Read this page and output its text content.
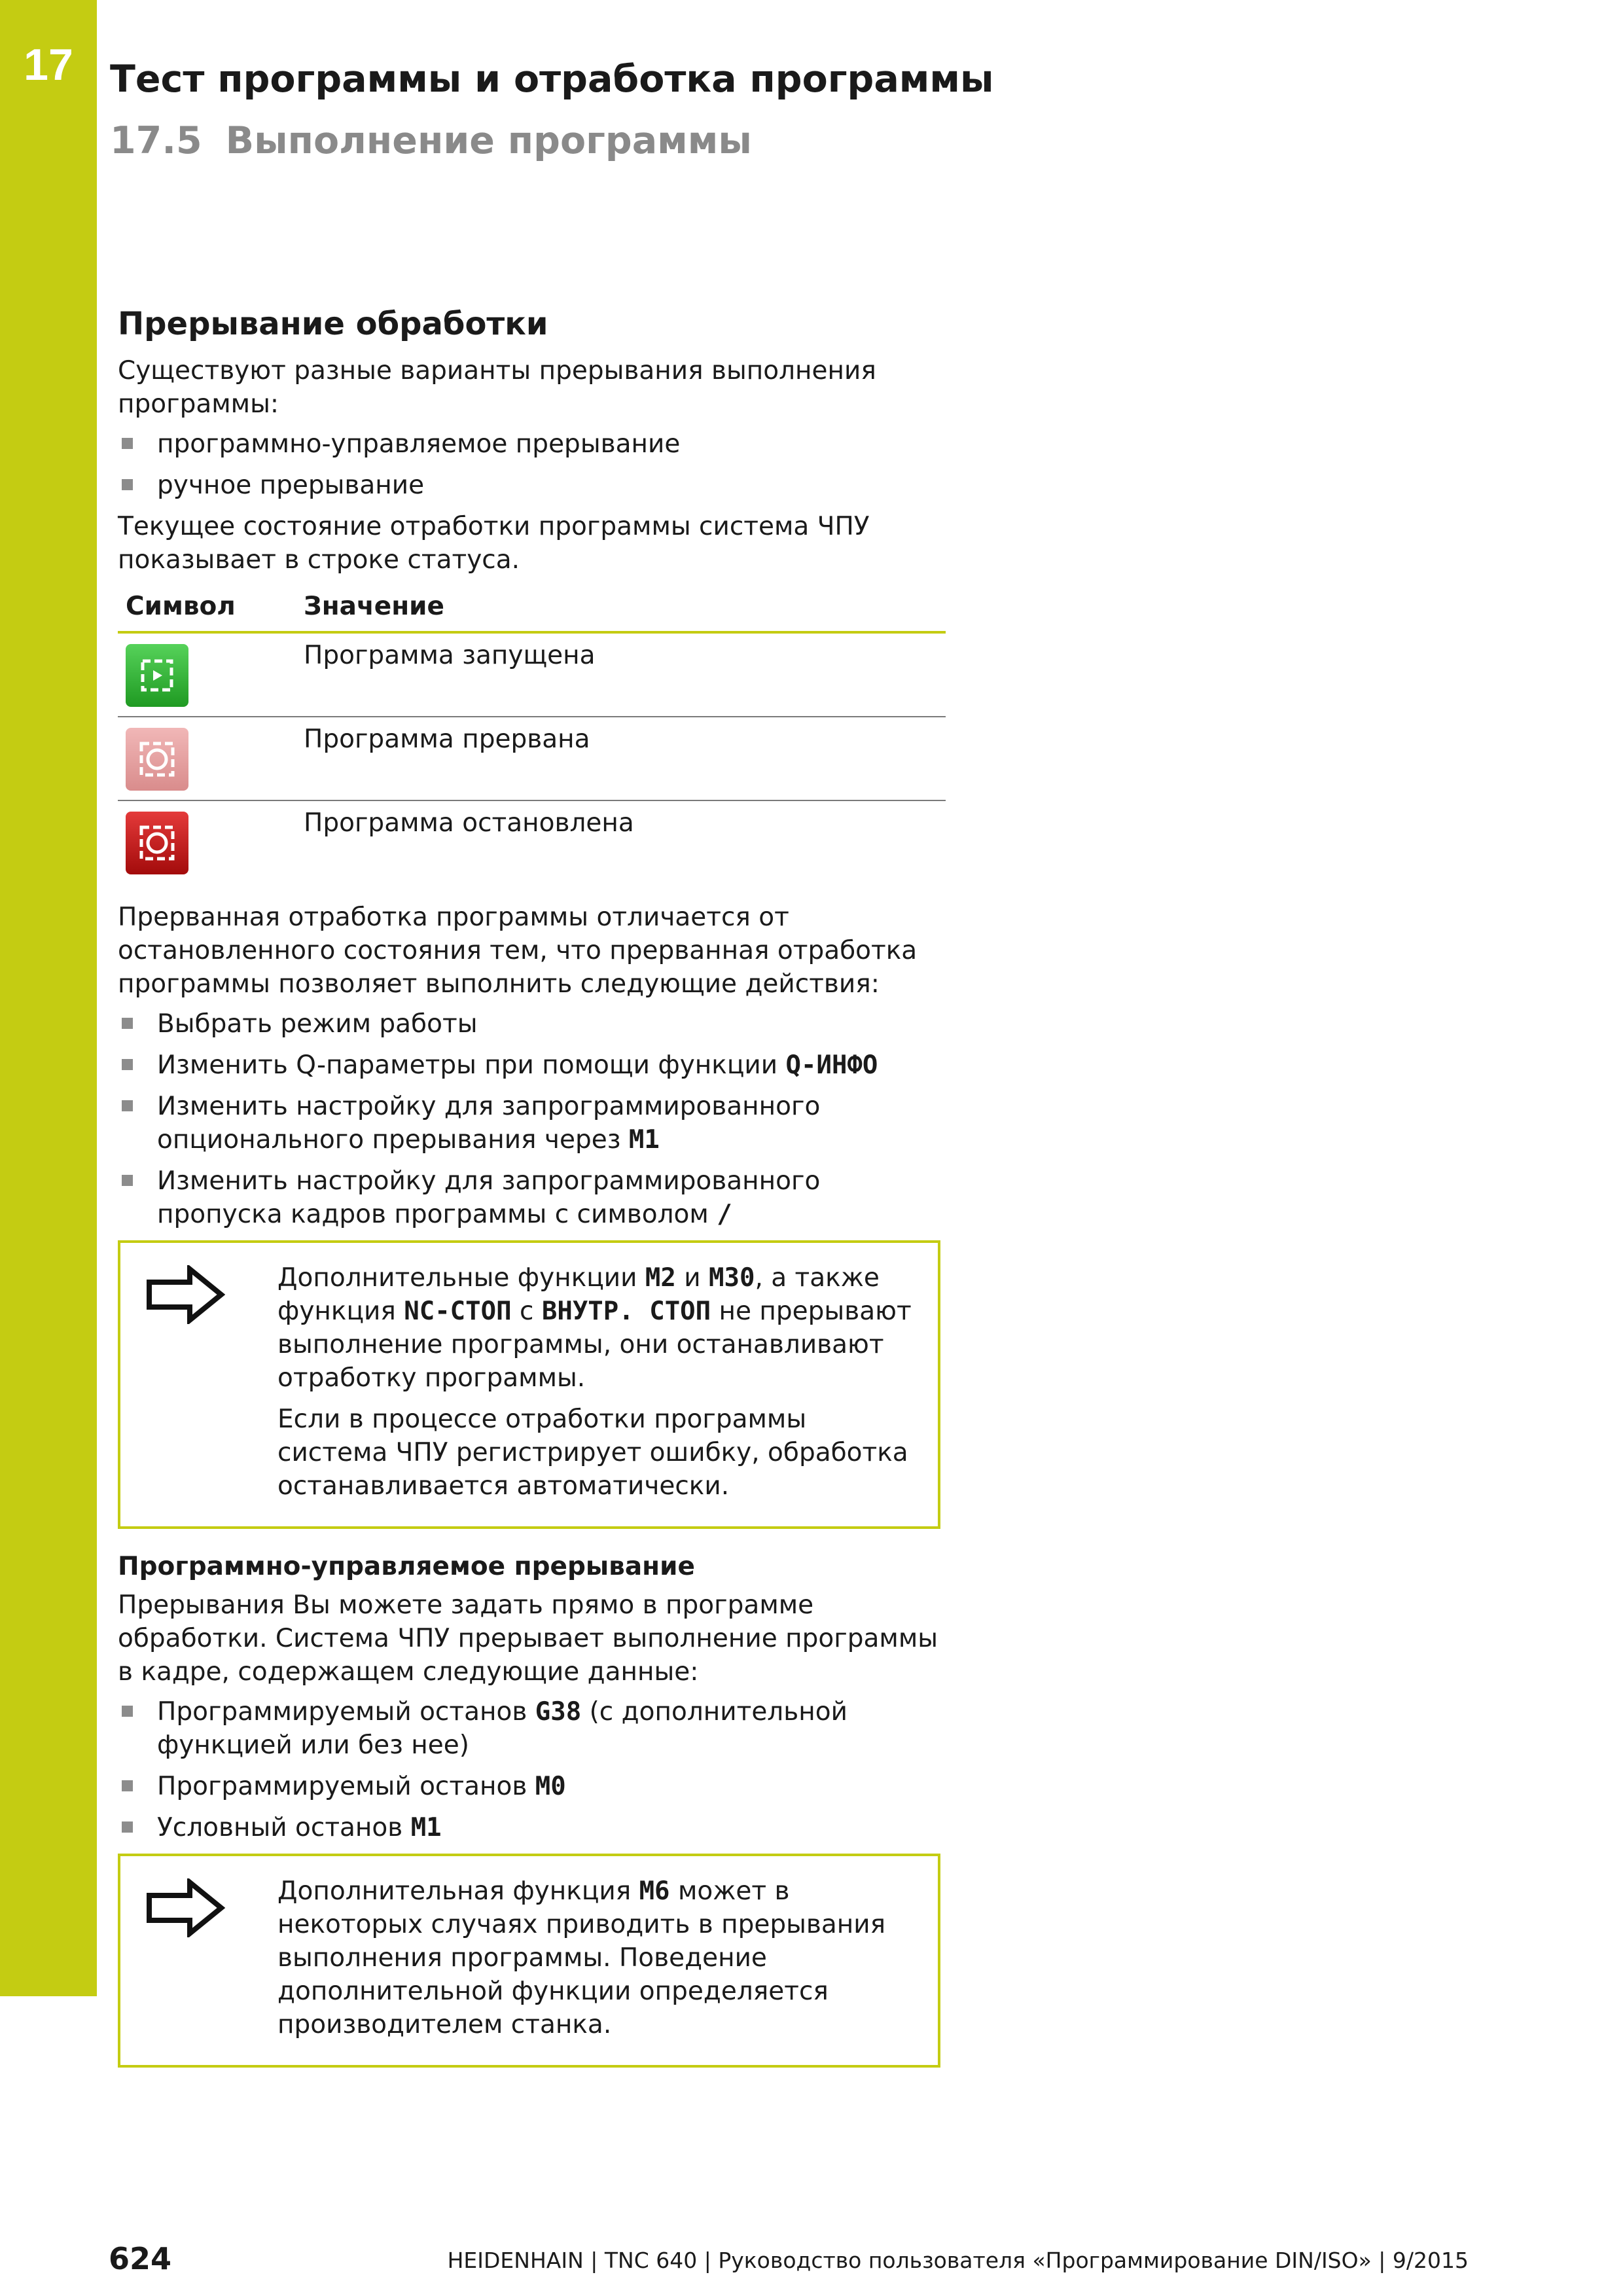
17 Тест программы и отработка программы
17.5 Выполнение программы
Прерывание обработки

Существуют разные варианты прерывания выполнения программы:

программно-управляемое прерывание
ручное прерывание

Текущее состояние отработки программы система ЧПУ показывает в строке статуса.

Символ	Значение

	Программа запущена

	Программа прервана

	Программа остановлена

Прерванная отработка программы отличается от остановленного состояния тем, что прерванная отработка программы позволяет выполнить следующие действия:

Выбрать режим работы
Изменить Q-параметры при помощи функции Q-ИНФО
Изменить настройку для запрограммированного опционального прерывания через M1
Изменить настройку для запрограммированного пропуска кадров программы с символом /

Дополнительные функции M2 и M30, а также функция NC-СТОП с ВНУТР. СТОП не прерывают выполнение программы, они останавливают отработку программы.

Если в процессе отработки программы система ЧПУ регистрирует ошибку, обработка останавливается автоматически.

Программно-управляемое прерывание

Прерывания Вы можете задать прямо в программе обработки. Система ЧПУ прерывает выполнение программы в кадре, содержащем следующие данные:

Программируемый останов G38 (с дополнительной функцией или без нее)
Программируемый останов M0
Условный останов M1

Дополнительная функция M6 может в некоторых случаях приводить в прерывания выполнения программы. Поведение дополнительной функции определяется производителем станка.

624	HEIDENHAIN | TNC 640 | Руководство пользователя «Программирование DIN/ISO» | 9/2015
